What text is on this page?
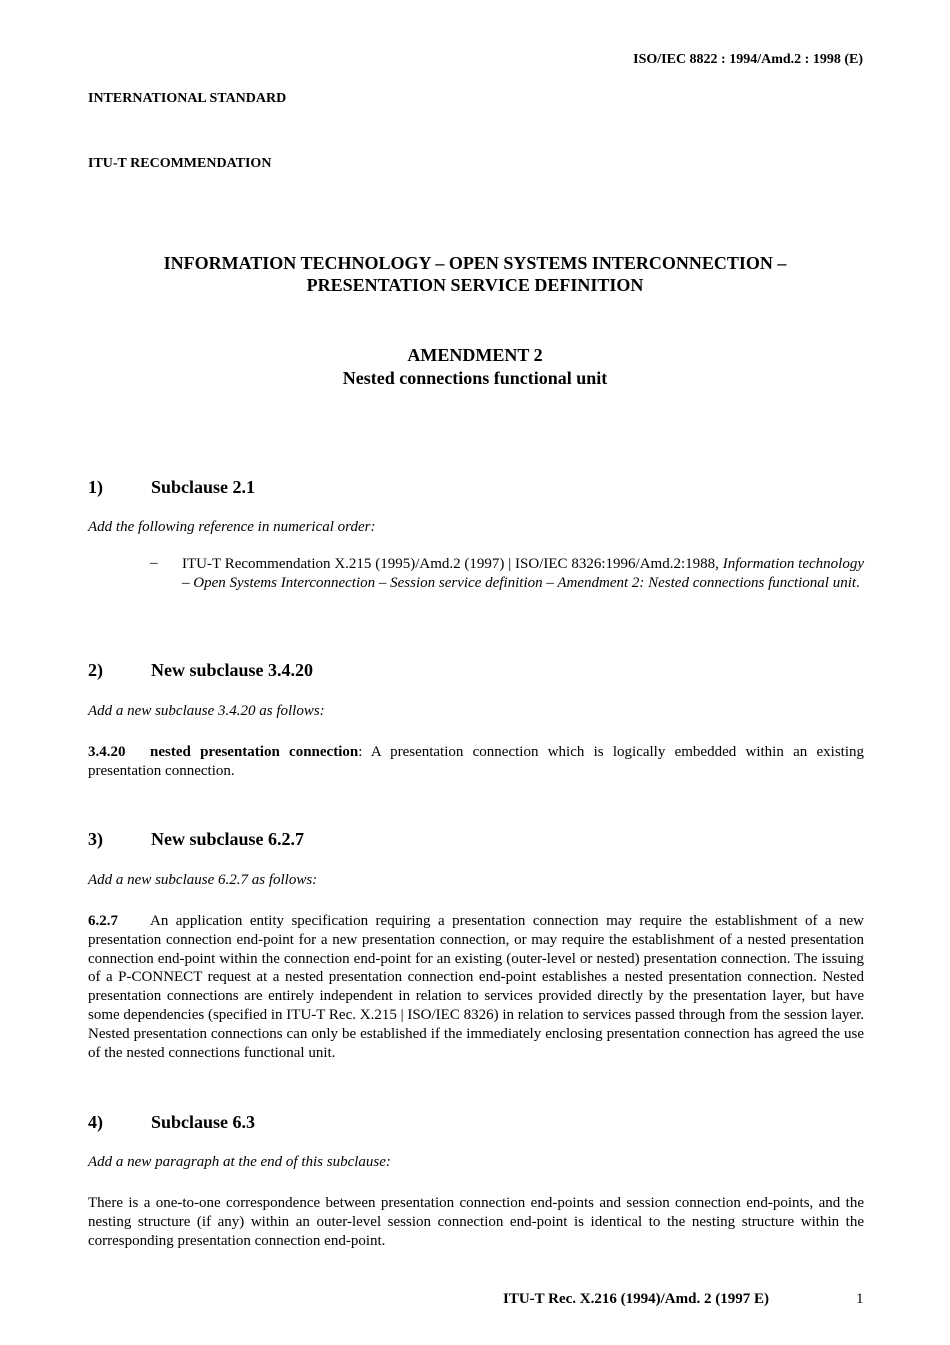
ISO/IEC 8822 : 1994/Amd.2 : 1998 (E)
INTERNATIONAL STANDARD
ITU-T RECOMMENDATION
INFORMATION TECHNOLOGY – OPEN SYSTEMS INTERCONNECTION –
PRESENTATION SERVICE DEFINITION
AMENDMENT 2
Nested connections functional unit
1)	Subclause 2.1
Add the following reference in numerical order:
– ITU-T Recommendation X.215 (1995)/Amd.2 (1997) | ISO/IEC 8326:1996/Amd.2:1988, Information technology – Open Systems Interconnection – Session service definition – Amendment 2: Nested connections functional unit.
2)	New subclause 3.4.20
Add a new subclause 3.4.20 as follows:
3.4.20 nested presentation connection: A presentation connection which is logically embedded within an existing presentation connection.
3)	New subclause 6.2.7
Add a new subclause 6.2.7 as follows:
6.2.7 An application entity specification requiring a presentation connection may require the establishment of a new presentation connection end-point for a new presentation connection, or may require the establishment of a nested presentation connection end-point within the connection end-point for an existing (outer-level or nested) presentation connection. The issuing of a P-CONNECT request at a nested presentation connection end-point establishes a nested presentation connection. Nested presentation connections are entirely independent in relation to services provided directly by the presentation layer, but have some dependencies (specified in ITU-T Rec. X.215 | ISO/IEC 8326) in relation to services passed through from the session layer. Nested presentation connections can only be established if the immediately enclosing presentation connection has agreed the use of the nested connections functional unit.
4)	Subclause 6.3
Add a new paragraph at the end of this subclause:
There is a one-to-one correspondence between presentation connection end-points and session connection end-points, and the nesting structure (if any) within an outer-level session connection end-point is identical to the nesting structure within the corresponding presentation connection end-point.
ITU-T Rec. X.216 (1994)/Amd. 2 (1997 E)	1
